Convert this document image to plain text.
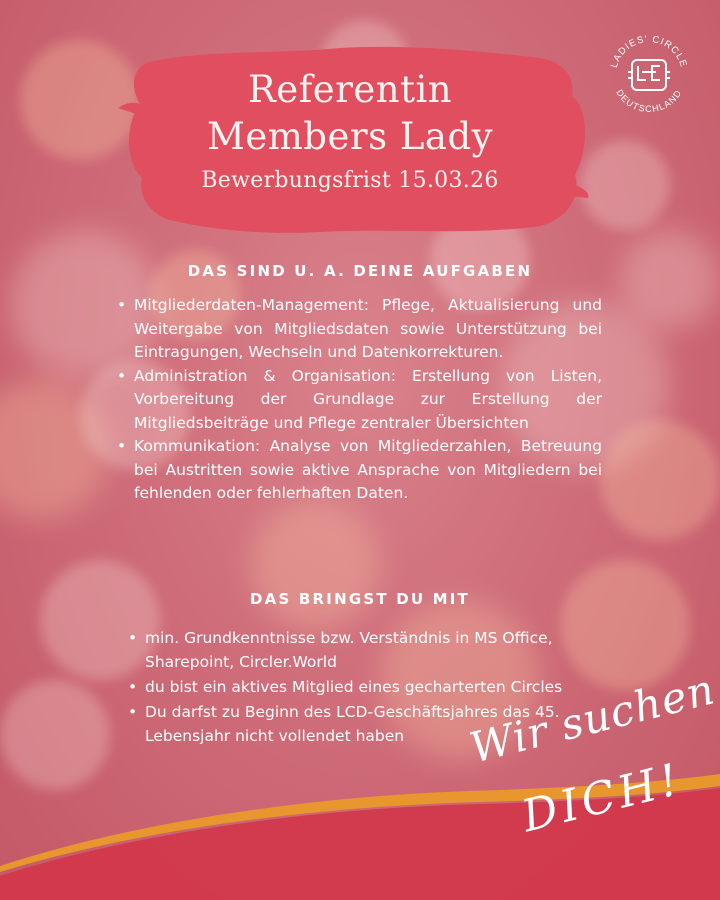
Referentin
Members Lady
Bewerbungsfrist 15.03.26
LADIES' CIRCLE
DEUTSCHLAND
DAS SIND U. A. DEINE AUFGABEN
• Mitgliederdaten-Management: Pflege, Aktualisierung und Weitergabe von Mitgliedsdaten sowie Unterstützung bei Eintragungen, Wechseln und Datenkorrekturen.
• Administration & Organisation: Erstellung von Listen, Vorbereitung der Grundlage zur Erstellung der Mitgliedsbeiträge und Pflege zentraler Übersichten
• Kommunikation: Analyse von Mitgliederzahlen, Betreuung bei Austritten sowie aktive Ansprache von Mitgliedern bei fehlenden oder fehlerhaften Daten.
DAS BRINGST DU MIT
• min. Grundkenntnisse bzw. Verständnis in MS Office, Sharepoint, Circler.World
• du bist ein aktives Mitglied eines gecharterten Circles
• Du darfst zu Beginn des LCD-Geschäftsjahres das 45. Lebensjahr nicht vollendet haben	Wir suchen
DICH!
